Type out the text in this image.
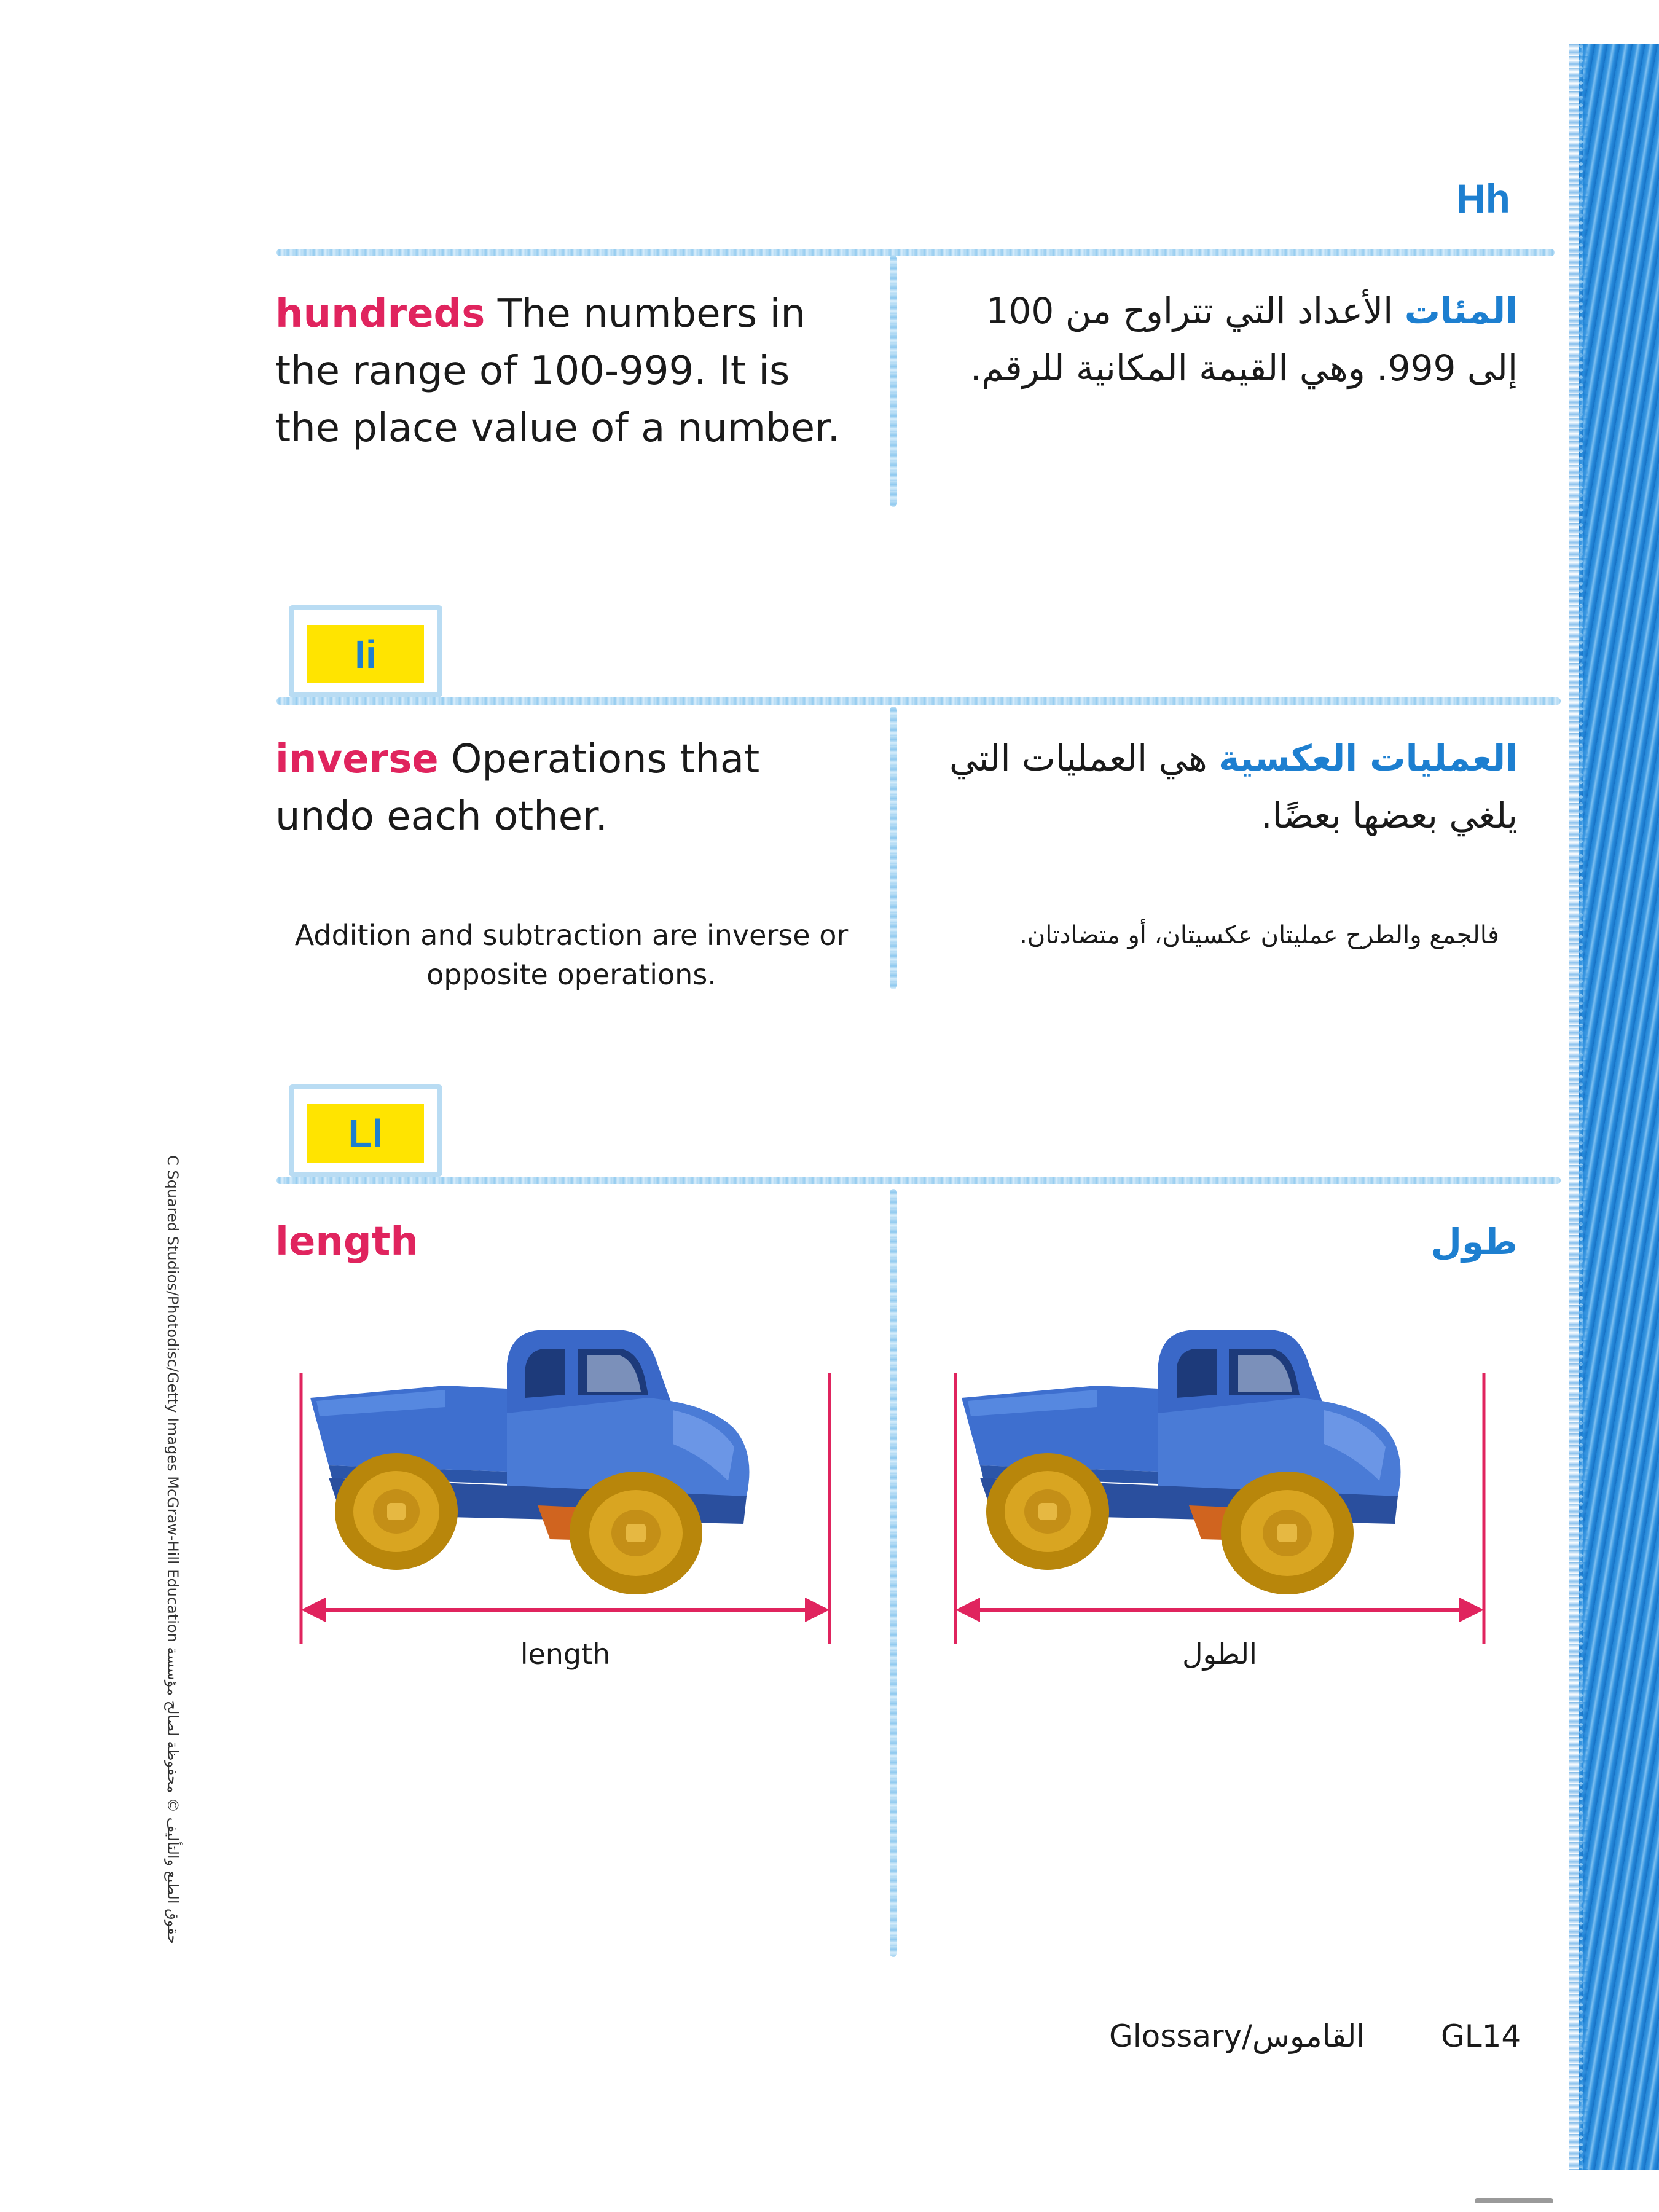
Hh
hundreds The numbers in the range of 100-999. It is the place value of a number.
المئات الأعداد التي تتراوح من 100 إلى 999. وهي القيمة المكانية للرقم.
Ii
inverse Operations that undo each other.
العمليات العكسية هي العمليات التي يلغي بعضها بعضًا.
Addition and subtraction are inverse or opposite operations.
فالجمع والطرح عمليتان عكسيتان، أو متضادتان.
Ll
length	طول
length	الطول
C Squared Studios/Photodisc/Getty Images McGraw-Hill Education حقوق الطبع والتأليف © محفوظة لصالح مؤسسة
Glossary/القاموس GL14
